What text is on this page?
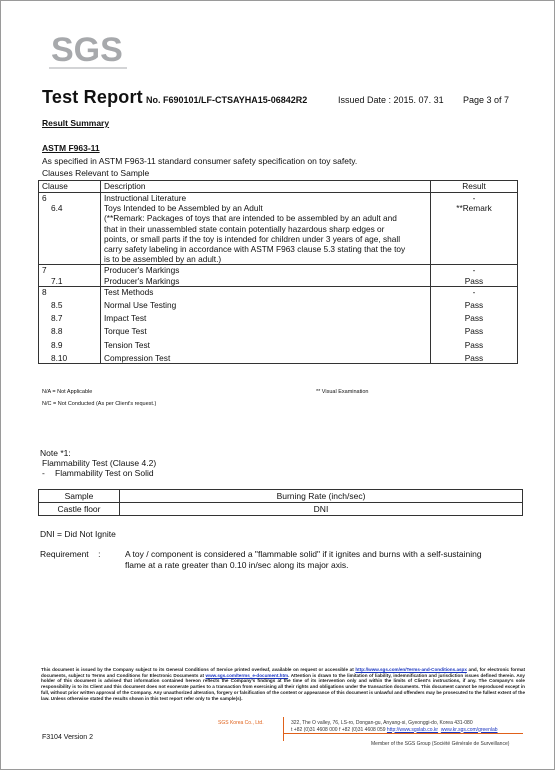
SGS
Test Report No. F690101/LF-CTSAYHA15-06842R2	Issued Date : 2015. 07. 31 Page 3 of 7
Result Summary
ASTM F963-11
As specified in ASTM F963-11 standard consumer safety specification on toy safety.
Clauses Relevant to Sample
Clause	Description	Result
6	Instructional Literature	-
6.4	Toys Intended to be Assembled by an Adult	**Remark
	(**Remark: Packages of toys that are intended to be assembled by an adult and	
	that in their unassembled state contain potentially hazardous sharp edges or	
	points, or small parts if the toy is intended for children under 3 years of age, shall	
	carry safety labeling in accordance with ASTM F963 clause 5.3 stating that the toy	
	is to be assembled by an adult.)	
7	Producer's Markings	-
7.1	Producer's Markings	Pass
8	Test Methods	-
8.5	Normal Use Testing	Pass
8.7	Impact Test	Pass
8.8	Torque Test	Pass
8.9	Tension Test	Pass
8.10	Compression Test	Pass
N/A = Not Applicable	** Visual Examination
N/C = Not Conducted (As per Client's request.)
Note *1:
Flammability Test (Clause 4.2)
- Flammability Test on Solid
Sample	Burning Rate (inch/sec)
Castle floor	DNI
DNI = Did Not Ignite
Requirement    :	A toy / component is considered a "flammable solid" if it ignites and burns with a self-sustaining
flame at a rate greater than 0.10 in/sec along its major axis.
This document is issued by the Company subject to its General Conditions of Service printed overleaf, available on request or accessible at http://www.sgs.com/en/Terms-and-Conditions.aspx and, for electronic format documents, subject to Terms and Conditions for Electronic Documents at www.sgs.com/terms_e-document.htm. Attention is drawn to the limitation of liability, indemnification and jurisdiction issues defined therein. Any holder of this document is advised that information contained hereon reflects the Company's findings at the time of its intervention only and within the limits of Client's instructions, if any. The Company's sole responsibility is to its Client and this document does not exonerate parties to a transaction from exercising all their rights and obligations under the transaction documents. This document cannot be reproduced except in full, without prior written approval of the Company. Any unauthorized alteration, forgery or falsification of the content or appearance of this document is unlawful and offenders may be prosecuted to the fullest extent of the law. Unless otherwise stated the results shown in this test report refer only to the sample(s).
SGS Korea Co., Ltd.	322, The O valley, 76, LS-ro, Dongan-gu, Anyang-si, Gyeonggi-do, Korea 431-080
t +82 (0)31 4608 000 f +82 (0)31 4608 059 http://www.sgslab.co.kr www.kr.sgs.com/greenlab
F3104 Version 2
Member of the SGS Group (Société Générale de Surveillance)
